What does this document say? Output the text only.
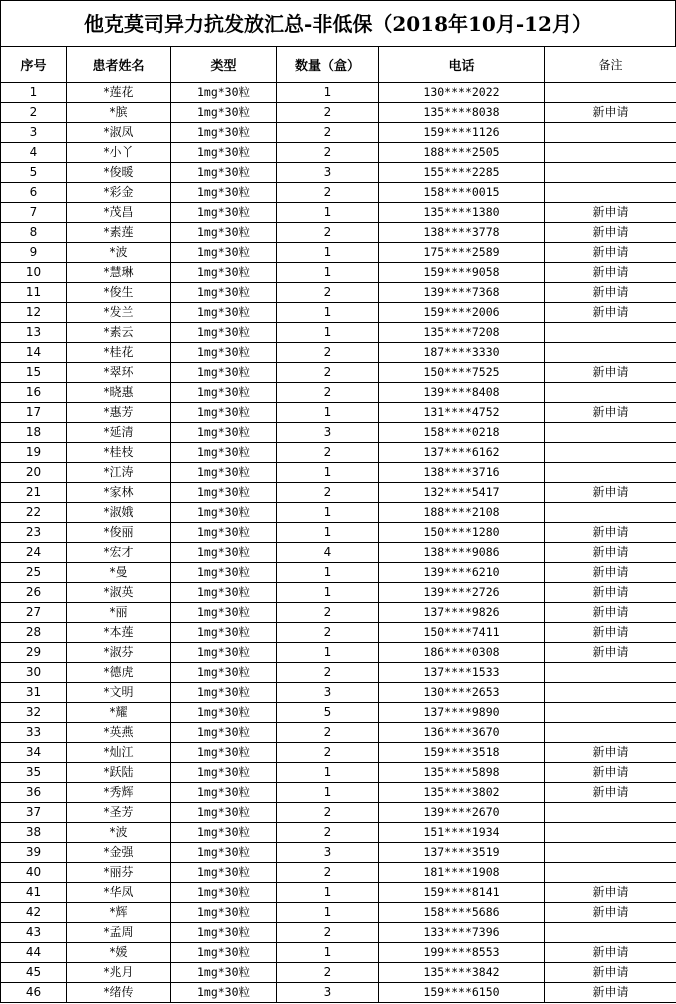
他克莫司异力抗发放汇总-非低保（2018年10月-12月）
序号	患者姓名	类型	数量（盒）	电话	备注
1	*莲花	1mg*30粒	1	130****2022	
2	*膑	1mg*30粒	2	135****8038	新申请
3	*淑凤	1mg*30粒	2	159****1126	
4	*小丫	1mg*30粒	2	188****2505	
5	*俊暖	1mg*30粒	3	155****2285	
6	*彩金	1mg*30粒	2	158****0015	
7	*茂昌	1mg*30粒	1	135****1380	新申请
8	*素莲	1mg*30粒	2	138****3778	新申请
9	*波	1mg*30粒	1	175****2589	新申请
10	*慧琳	1mg*30粒	1	159****9058	新申请
11	*俊生	1mg*30粒	2	139****7368	新申请
12	*发兰	1mg*30粒	1	159****2006	新申请
13	*素云	1mg*30粒	1	135****7208	
14	*桂花	1mg*30粒	2	187****3330	
15	*翠环	1mg*30粒	2	150****7525	新申请
16	*晓惠	1mg*30粒	2	139****8408	
17	*惠芳	1mg*30粒	1	131****4752	新申请
18	*延清	1mg*30粒	3	158****0218	
19	*桂枝	1mg*30粒	2	137****6162	
20	*江涛	1mg*30粒	1	138****3716	
21	*家林	1mg*30粒	2	132****5417	新申请
22	*淑娥	1mg*30粒	1	188****2108	
23	*俊丽	1mg*30粒	1	150****1280	新申请
24	*宏才	1mg*30粒	4	138****9086	新申请
25	*曼	1mg*30粒	1	139****6210	新申请
26	*淑英	1mg*30粒	1	139****2726	新申请
27	*丽	1mg*30粒	2	137****9826	新申请
28	*本莲	1mg*30粒	2	150****7411	新申请
29	*淑芬	1mg*30粒	1	186****0308	新申请
30	*德虎	1mg*30粒	2	137****1533	
31	*文明	1mg*30粒	3	130****2653	
32	*耀	1mg*30粒	5	137****9890	
33	*英燕	1mg*30粒	2	136****3670	
34	*灿江	1mg*30粒	2	159****3518	新申请
35	*跃陆	1mg*30粒	1	135****5898	新申请
36	*秀辉	1mg*30粒	1	135****3802	新申请
37	*圣芳	1mg*30粒	2	139****2670	
38	*波	1mg*30粒	2	151****1934	
39	*金强	1mg*30粒	3	137****3519	
40	*丽芬	1mg*30粒	2	181****1908	
41	*华凤	1mg*30粒	1	159****8141	新申请
42	*辉	1mg*30粒	1	158****5686	新申请
43	*孟周	1mg*30粒	2	133****7396	
44	*媛	1mg*30粒	1	199****8553	新申请
45	*兆月	1mg*30粒	2	135****3842	新申请
46	*绪传	1mg*30粒	3	159****6150	新申请
